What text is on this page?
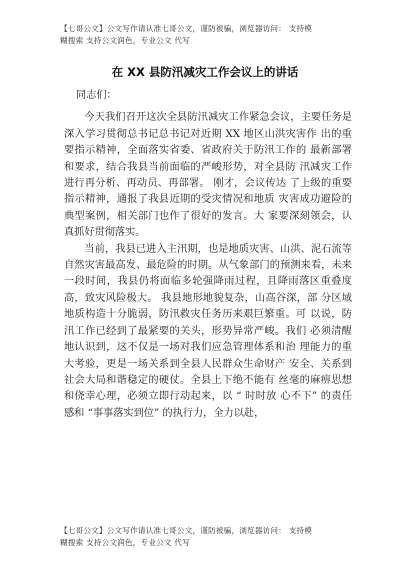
【七哥公文】公文写作请认准七哥公文，谨防被骗，浏览器访问： 支持模
糊搜索 支持公文润色，专业公文 代写
在 XX 县防汛减灾工作会议上的讲话

同志们：

今天我们召开这次全县防汛减灾工作紧急会议，主要任务是深入学习贯彻总书记总书记对近期 XX 地区山洪灾害作 出的重要指示精神，全面落实省委、省政府关于防汛工作的 最新部署和要求，结合我县当前面临的严峻形势，对全县防 汛减灾工作进行再分析、再动员、再部署。 刚才，会议传达 了上级的重要指示精神，通报了我县近期的受灾情况和地质 灾害成功避险的典型案例，相关部门也作了很好的发言。大 家要深刻领会，认真抓好贯彻落实。

当前，我县已进入主汛期，也是地质灾害、山洪、泥石流等自然灾害最高发、最危险的时期。从气象部门的预测来看，未来一段时间，我县仍将面临多轮强降雨过程，且降雨落区重叠度高，致灾风险极大。 我县地形地貌复杂，山高谷深，部 分区域地质构造十分脆弱，防汛救灾任务历来艰巨繁重。可 以说，防汛工作已经到了最紧要的关头，形势异常严峻。我们 必须清醒地认识到，这不仅是一场对我们应急管理体系和治 理能力的重大考验，更是一场关系到全县人民群众生命财产 安全、关系到社会大局和谐稳定的硬仗。全县上下绝不能有 丝毫的麻痹思想和侥幸心理，必须立即行动起来，以 “ 时时放 心不下” 的责任感和 “事事落实到位” 的执行力，全力以赴，

【七哥公文】公文写作请认准七哥公文，谨防被骗，浏览器访问： 支持模
糊搜索 支持公文润色，专业公文 代写
